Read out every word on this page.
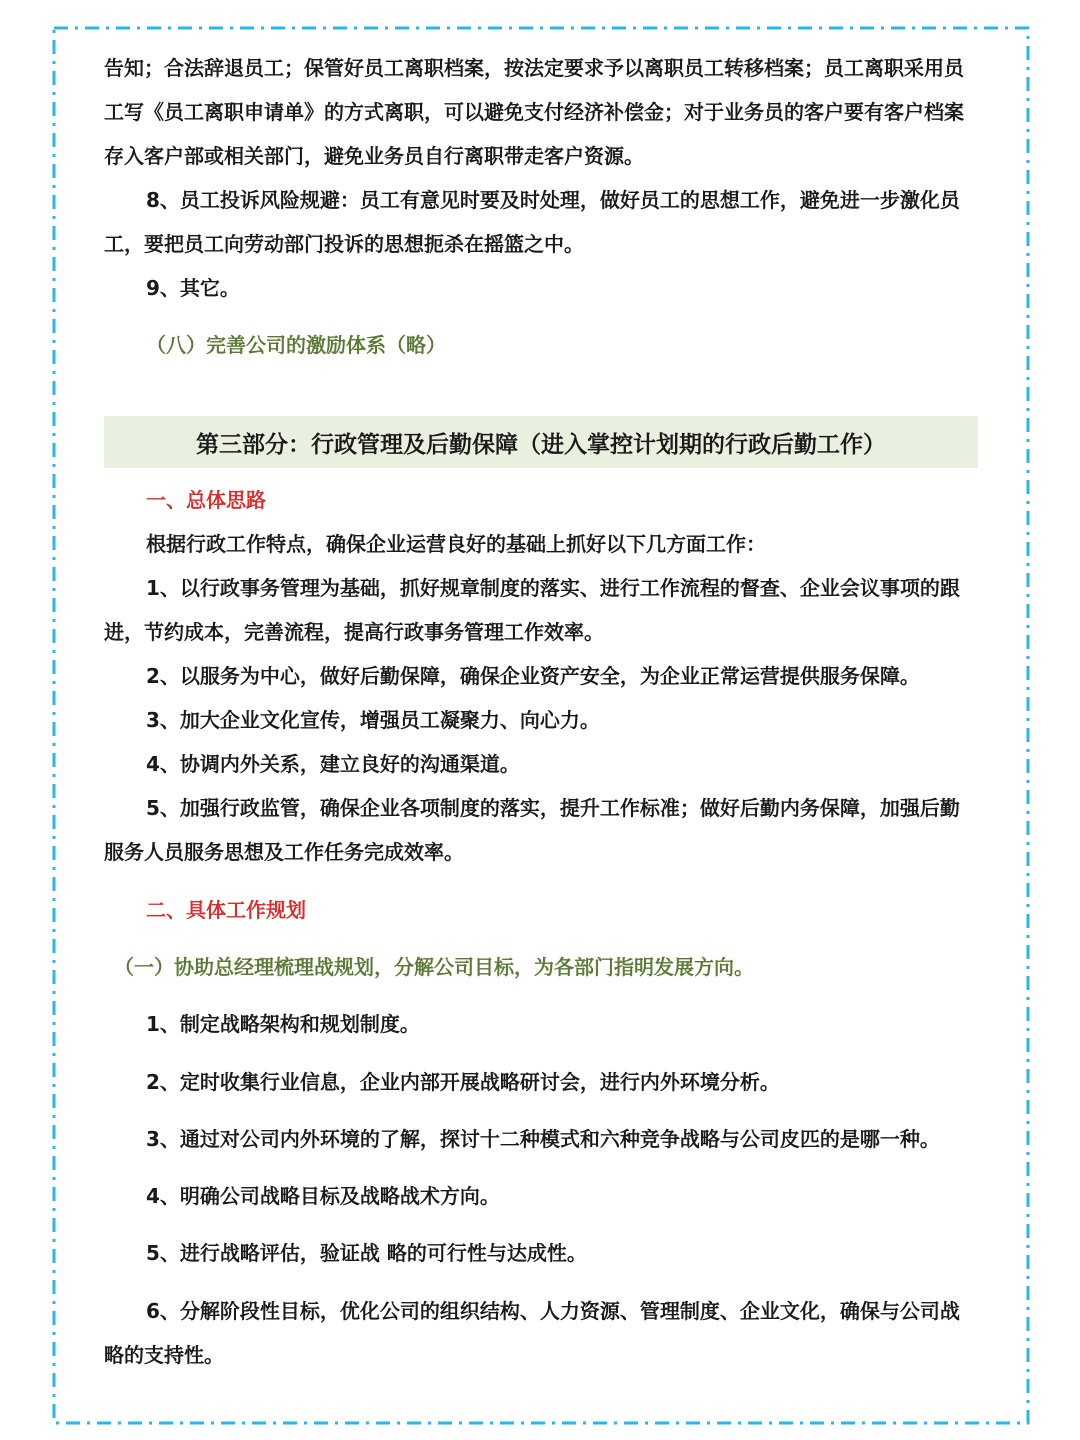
告知；合法辞退员工；保管好员工离职档案，按法定要求予以离职员工转移档案；员工离职采用员工写《员工离职申请单》的方式离职，可以避免支付经济补偿金；对于业务员的客户要有客户档案存入客户部或相关部门，避免业务员自行离职带走客户资源。

8、员工投诉风险规避：员工有意见时要及时处理，做好员工的思想工作，避免进一步激化员工，要把员工向劳动部门投诉的思想扼杀在摇篮之中。

9、其它。

（八）完善公司的激励体系（略）

第三部分：行政管理及后勤保障（进入掌控计划期的行政后勤工作）

一、总体思路

根据行政工作特点，确保企业运营良好的基础上抓好以下几方面工作：

1、以行政事务管理为基础，抓好规章制度的落实、进行工作流程的督查、企业会议事项的跟进，节约成本，完善流程，提高行政事务管理工作效率。

2、以服务为中心，做好后勤保障，确保企业资产安全，为企业正常运营提供服务保障。

3、加大企业文化宣传，增强员工凝聚力、向心力。

4、协调内外关系，建立良好的沟通渠道。

5、加强行政监管，确保企业各项制度的落实，提升工作标准；做好后勤内务保障，加强后勤服务人员服务思想及工作任务完成效率。

二、具体工作规划

（一）协助总经理梳理战规划，分解公司目标，为各部门指明发展方向。

1、制定战略架构和规划制度。

2、定时收集行业信息，企业内部开展战略研讨会，进行内外环境分析。

3、通过对公司内外环境的了解，探讨十二种模式和六种竞争战略与公司皮匹的是哪一种。

4、明确公司战略目标及战略战术方向。

5、进行战略评估，验证战 略的可行性与达成性。

6、分解阶段性目标，优化公司的组织结构、人力资源、管理制度、企业文化，确保与公司战略的支持性。
